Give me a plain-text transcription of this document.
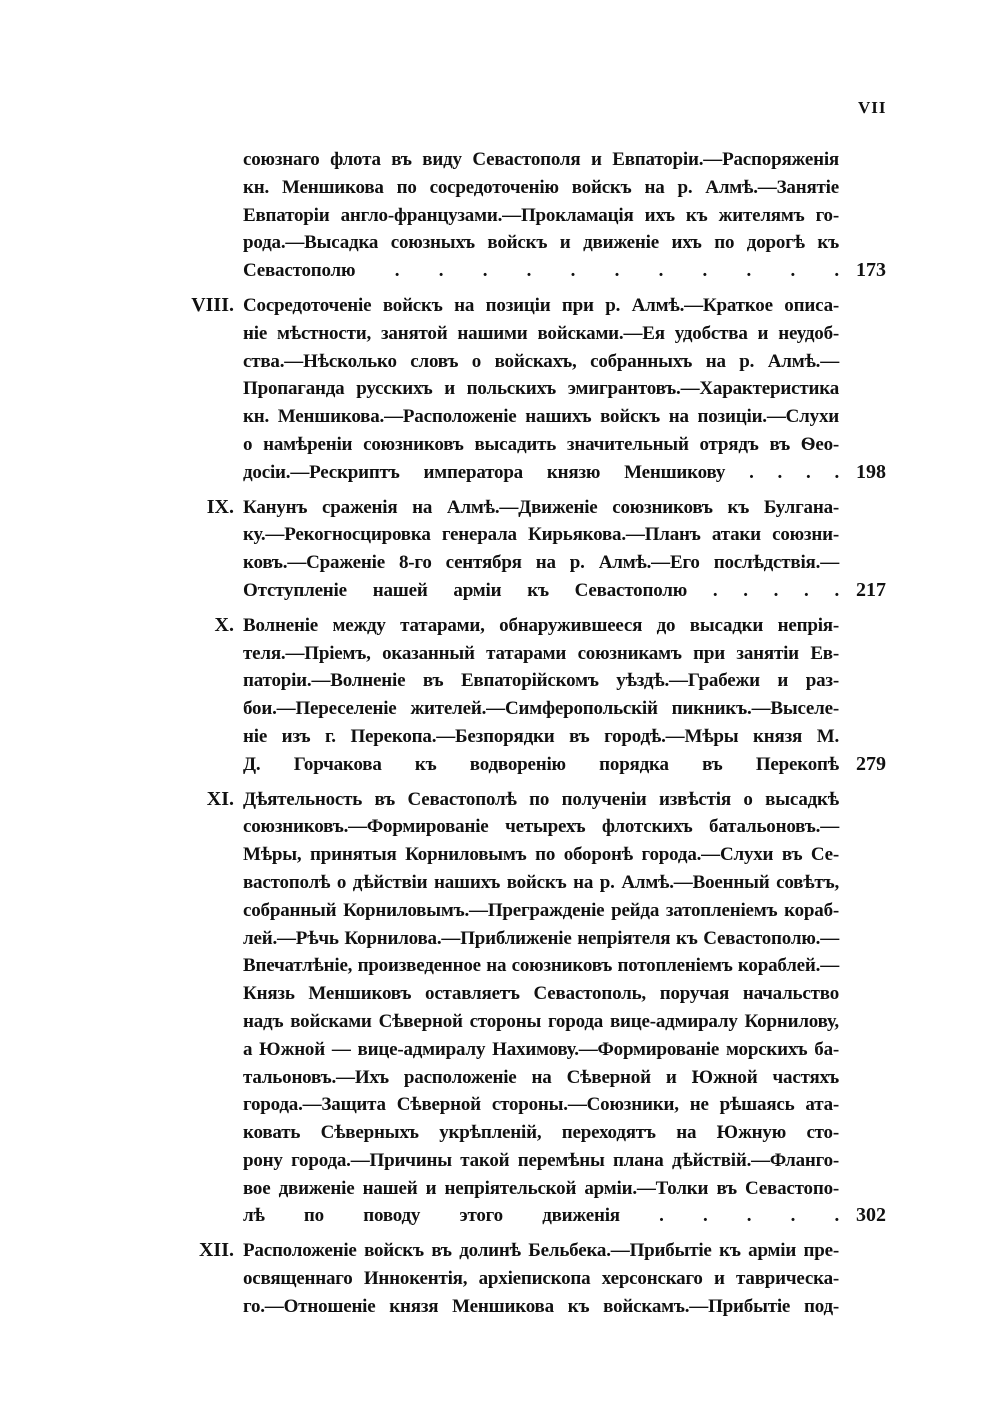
VII
союзнаго флота въ виду Севастополя и Евпаторіи.—Распоряженія
кн. Меншикова по сосредоточенію войскъ на р. Алмѣ.—Занятіе
Евпаторіи англо-французами.—Прокламація ихъ къ жителямъ го-
рода.—Высадка союзныхъ войскъ и движеніе ихъ по дорогѣ къ
Севастополю . . . . . . . . . . . 173
VIII. Сосредоточеніе войскъ на позиціи при р. Алмѣ.—Краткое описа-
ніе мѣстности, занятой нашими войсками.—Ея удобства и неудоб-
ства.—Нѣсколько словъ о войскахъ, собранныхъ на р. Алмѣ.—
Пропаганда русскихъ и польскихъ эмигрантовъ.—Характеристика
кн. Меншикова.—Расположеніе нашихъ войскъ на позиціи.—Слухи
о намѣреніи союзниковъ высадить значительный отрядъ въ Ѳео-
досіи.—Рескриптъ императора князю Меншикову . . . . 198
IX. Канунъ сраженія на Алмѣ.—Движеніе союзниковъ къ Булгана-
ку.—Рекогносцировка генерала Кирьякова.—Планъ атаки союзни-
ковъ.—Сраженіе 8-го сентября на р. Алмѣ.—Его послѣдствія.—
Отступленіе нашей арміи къ Севастополю . . . . . 217
X. Волненіе между татарами, обнаружившееся до высадки непрія-
теля.—Пріемъ, оказанный татарами союзникамъ при занятіи Ев-
паторіи.—Волненіе въ Евпаторійскомъ уѣздѣ.—Грабежи и раз-
бои.—Переселеніе жителей.—Симферопольскій пикникъ.—Выселе-
ніе изъ г. Перекопа.—Безпорядки въ городѣ.—Мѣры князя М.
Д. Горчакова къ водворенію порядка въ Перекопѣ 279
XI. Дѣятельность въ Севастополѣ по полученіи извѣстія о высадкѣ
союзниковъ.—Формированіе четырехъ флотскихъ батальоновъ.—
Мѣры, принятыя Корниловымъ по оборонѣ города.—Слухи въ Се-
вастополѣ о дѣйствіи нашихъ войскъ на р. Алмѣ.—Военный совѣтъ,
собранный Корниловымъ.—Преграждeніе рейда затопленіемъ кораб-
лей.—Рѣчь Корнилова.—Приближеніе непріятеля къ Севастополю.—
Впечатлѣніе, произведенное на союзниковъ потопленіемъ кораблей.—
Князь Меншиковъ оставляетъ Севастополь, поручая начальство
надъ войсками Сѣверной стороны города вице-адмиралу Корнилову,
а Южной — вице-адмиралу Нахимову.—Формированіе морскихъ ба-
тальоновъ.—Ихъ расположеніе на Сѣверной и Южной частяхъ
города.—Защита Сѣверной стороны.—Союзники, не рѣшаясь ата-
ковать Сѣверныхъ укрѣпленій, переходятъ на Южную сто-
рону города.—Причины такой перемѣны плана дѣйствій.—Фланго-
вое движеніе нашей и непріятельской арміи.—Толки въ Севастопо-
лѣ по поводу этого движенія . . . . . 302
XII. Расположеніе войскъ въ долинѣ Бельбека.—Прибытіе къ арміи пре-
освященнаго Иннокентія, архіепископа херсонскаго и таврическа-
го.—Отношеніе князя Меншикова къ войскамъ.—Прибытіе под-
